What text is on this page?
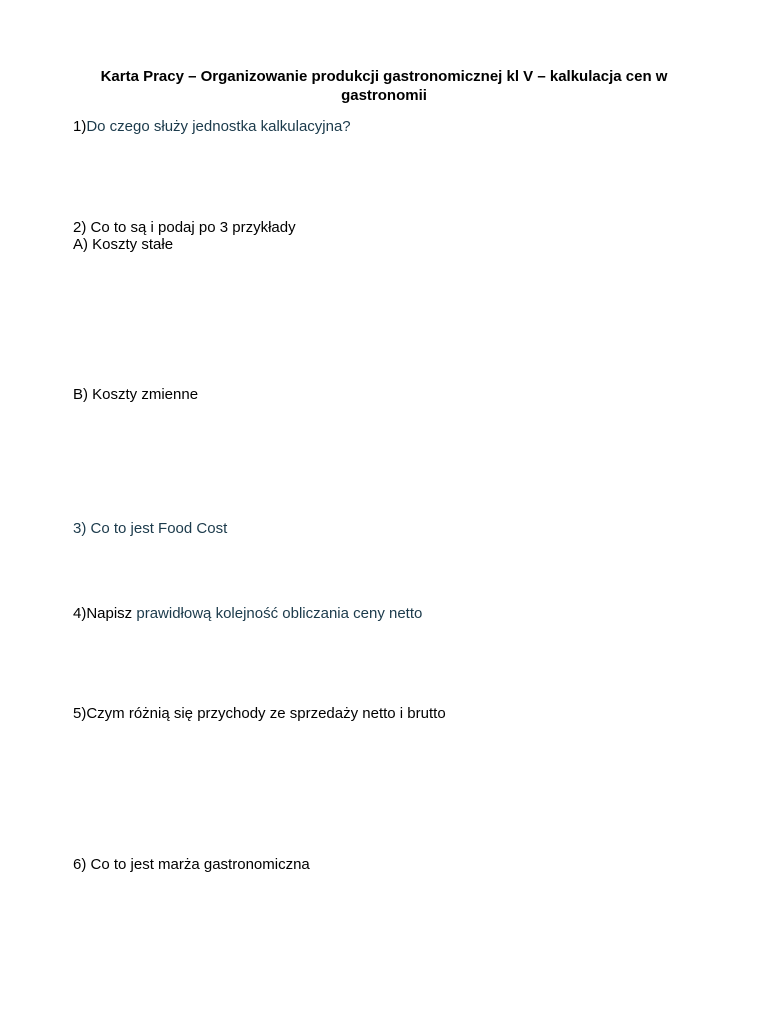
Karta Pracy – Organizowanie produkcji gastronomicznej kl V – kalkulacja cen w
gastronomii
1)Do czego służy jednostka kalkulacyjna?
2) Co to są i podaj po 3 przykłady
A) Koszty stałe
B) Koszty zmienne
3) Co to jest Food Cost
4)Napisz prawidłową kolejność obliczania ceny netto
5)Czym różnią się przychody ze sprzedaży netto i brutto
6) Co to jest marża gastronomiczna
